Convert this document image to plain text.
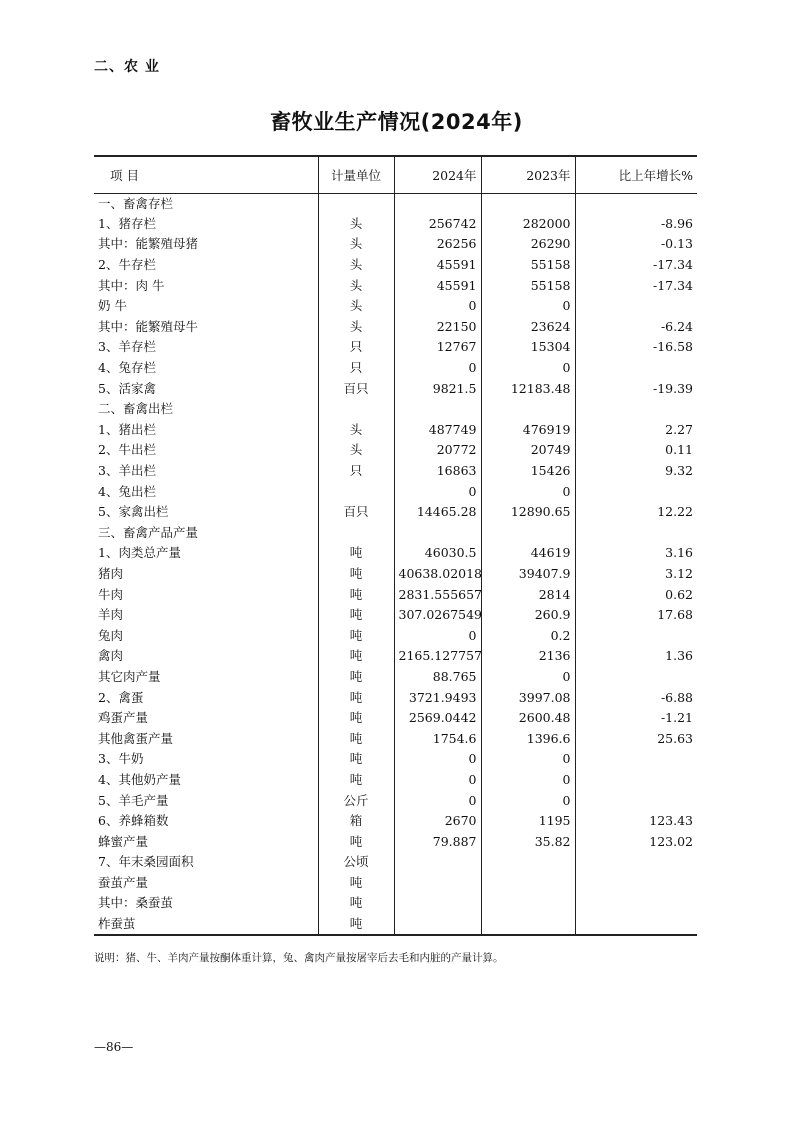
二、农 业
畜牧业生产情况(2024年)
项 目	计量单位	2024年	2023年	比上年增长%
一、畜禽存栏				
1、猪存栏	头	256742	282000	-8.96
其中：能繁殖母猪	头	26256	26290	-0.13
2、牛存栏	头	45591	55158	-17.34
其中：肉 牛	头	45591	55158	-17.34
奶 牛	头	0	0	
其中：能繁殖母牛	头	22150	23624	-6.24
3、羊存栏	只	12767	15304	-16.58
4、兔存栏	只	0	0	
5、活家禽	百只	9821.5	12183.48	-19.39
二、畜禽出栏				
1、猪出栏	头	487749	476919	2.27
2、牛出栏	头	20772	20749	0.11
3、羊出栏	只	16863	15426	9.32
4、兔出栏		0	0	
5、家禽出栏	百只	14465.28	12890.65	12.22
三、畜禽产品产量				
1、肉类总产量	吨	46030.5	44619	3.16
猪肉	吨	40638.02018	39407.9	3.12
牛肉	吨	2831.555657	2814	0.62
羊肉	吨	307.0267549	260.9	17.68
兔肉	吨	0	0.2	
禽肉	吨	2165.127757	2136	1.36
其它肉产量	吨	88.765	0	
2、禽蛋	吨	3721.9493	3997.08	-6.88
鸡蛋产量	吨	2569.0442	2600.48	-1.21
其他禽蛋产量	吨	1754.6	1396.6	25.63
3、牛奶	吨	0	0	
4、其他奶产量	吨	0	0	
5、羊毛产量	公斤	0	0	
6、养蜂箱数	箱	2670	1195	123.43
蜂蜜产量	吨	79.887	35.82	123.02
7、年末桑园面积	公顷			
蚕茧产量	吨			
其中：桑蚕茧	吨			
柞蚕茧	吨			
说明：猪、牛、羊肉产量按酮体重计算，兔、禽肉产量按屠宰后去毛和内脏的产量计算。
—86—
